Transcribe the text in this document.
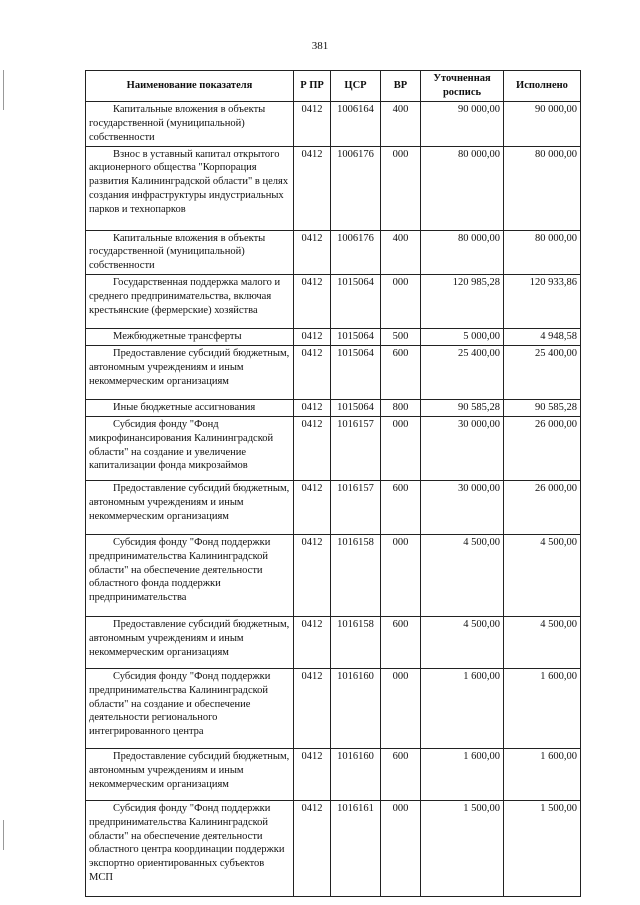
381
Наименование показателя	Р ПР	ЦСР	ВР	Уточненная роспись	Исполнено
Капитальные вложения в объекты государственной (муниципальной) собственности	0412	1006164	400	90 000,00	90 000,00
Взнос в уставный капитал открытого акционерного общества "Корпорация развития Калининградской области" в целях создания инфраструктуры индустриальных парков и технопарков	0412	1006176	000	80 000,00	80 000,00
Капитальные вложения в объекты государственной (муниципальной) собственности	0412	1006176	400	80 000,00	80 000,00
Государственная поддержка малого и среднего предпринимательства, включая крестьянские (фермерские) хозяйства	0412	1015064	000	120 985,28	120 933,86
Межбюджетные трансферты	0412	1015064	500	5 000,00	4 948,58
Предоставление субсидий бюджетным, автономным учреждениям и иным некоммерческим организациям	0412	1015064	600	25 400,00	25 400,00
Иные бюджетные ассигнования	0412	1015064	800	90 585,28	90 585,28
Субсидия фонду "Фонд микрофинансирования Калининградской области" на создание и увеличение капитализации фонда микрозаймов	0412	1016157	000	30 000,00	26 000,00
Предоставление субсидий бюджетным, автономным учреждениям и иным некоммерческим организациям	0412	1016157	600	30 000,00	26 000,00
Субсидия фонду "Фонд поддержки предпринимательства Калининградской области" на обеспечение деятельности областного фонда поддержки предпринимательства	0412	1016158	000	4 500,00	4 500,00
Предоставление субсидий бюджетным, автономным учреждениям и иным некоммерческим организациям	0412	1016158	600	4 500,00	4 500,00
Субсидия фонду "Фонд поддержки предпринимательства Калининградской области" на создание и обеспечение деятельности регионального интегрированного центра	0412	1016160	000	1 600,00	1 600,00
Предоставление субсидий бюджетным, автономным учреждениям и иным некоммерческим организациям	0412	1016160	600	1 600,00	1 600,00
Субсидия фонду "Фонд поддержки предпринимательства Калининградской области" на обеспечение деятельности областного центра координации поддержки экспортно ориентированных субъектов МСП	0412	1016161	000	1 500,00	1 500,00
